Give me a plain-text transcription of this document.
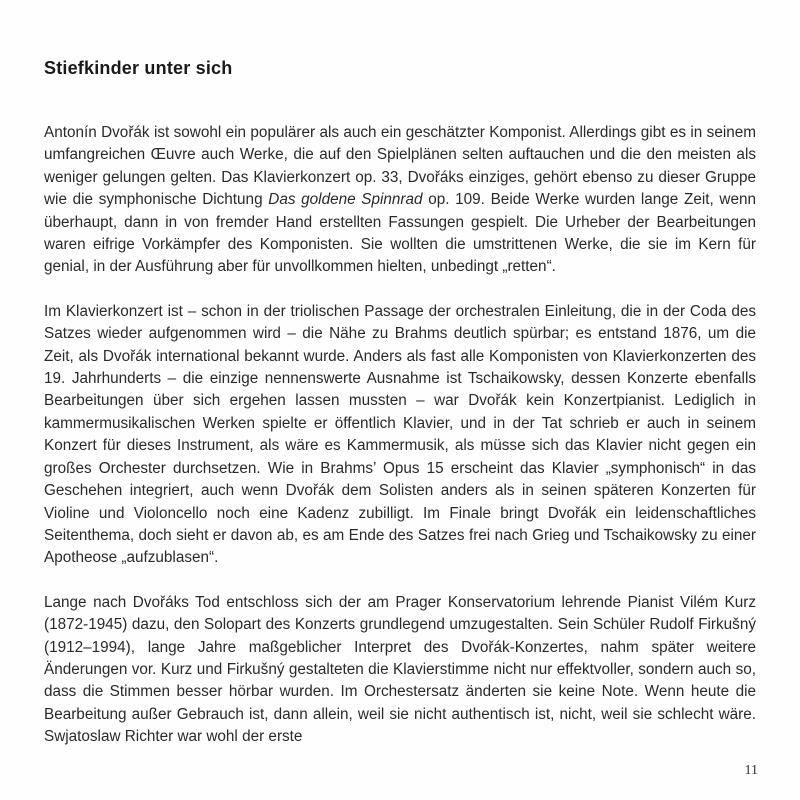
Stiefkinder unter sich

Antonín Dvořák ist sowohl ein populärer als auch ein geschätzter Komponist. Allerdings gibt es in seinem umfangreichen Œuvre auch Werke, die auf den Spielplänen selten auftauchen und die den meisten als weniger gelungen gelten. Das Klavierkonzert op. 33, Dvořáks einziges, gehört ebenso zu dieser Gruppe wie die symphonische Dichtung Das goldene Spinnrad op. 109. Beide Werke wurden lange Zeit, wenn überhaupt, dann in von fremder Hand erstellten Fassungen gespielt. Die Urheber der Bearbeitungen waren eifrige Vorkämpfer des Komponisten. Sie wollten die umstrittenen Werke, die sie im Kern für genial, in der Ausführung aber für unvollkommen hielten, unbedingt „retten“.

Im Klavierkonzert ist – schon in der triolischen Passage der orchestralen Einleitung, die in der Coda des Satzes wieder aufgenommen wird – die Nähe zu Brahms deutlich spürbar; es entstand 1876, um die Zeit, als Dvořák international bekannt wurde. Anders als fast alle Komponisten von Klavierkonzerten des 19. Jahrhunderts – die einzige nennenswerte Ausnahme ist Tschaikowsky, dessen Konzerte ebenfalls Bearbeitungen über sich ergehen lassen mussten – war Dvořák kein Konzertpianist. Lediglich in kammermusikalischen Werken spielte er öffentlich Klavier, und in der Tat schrieb er auch in seinem Konzert für dieses Instrument, als wäre es Kammermusik, als müsse sich das Klavier nicht gegen ein großes Orchester durchsetzen. Wie in Brahms’ Opus 15 erscheint das Klavier „symphonisch“ in das Geschehen integriert, auch wenn Dvořák dem Solisten anders als in seinen späteren Konzerten für Violine und Violoncello noch eine Kadenz zubilligt. Im Finale bringt Dvořák ein leidenschaftliches Seitenthema, doch sieht er davon ab, es am Ende des Satzes frei nach Grieg und Tschaikowsky zu einer Apotheose „aufzublasen“.

Lange nach Dvořáks Tod entschloss sich der am Prager Konservatorium lehrende Pianist Vilém Kurz (1872-1945) dazu, den Solopart des Konzerts grundlegend umzugestalten. Sein Schüler Rudolf Firkušný (1912–1994), lange Jahre maßgeblicher Interpret des Dvořák-Konzertes, nahm später weitere Änderungen vor. Kurz und Firkušný gestalteten die Klavierstimme nicht nur effektvoller, sondern auch so, dass die Stimmen besser hörbar wurden. Im Orchestersatz änderten sie keine Note. Wenn heute die Bearbeitung außer Gebrauch ist, dann allein, weil sie nicht authentisch ist, nicht, weil sie schlecht wäre. Swjatoslaw Richter war wohl der erste

11
